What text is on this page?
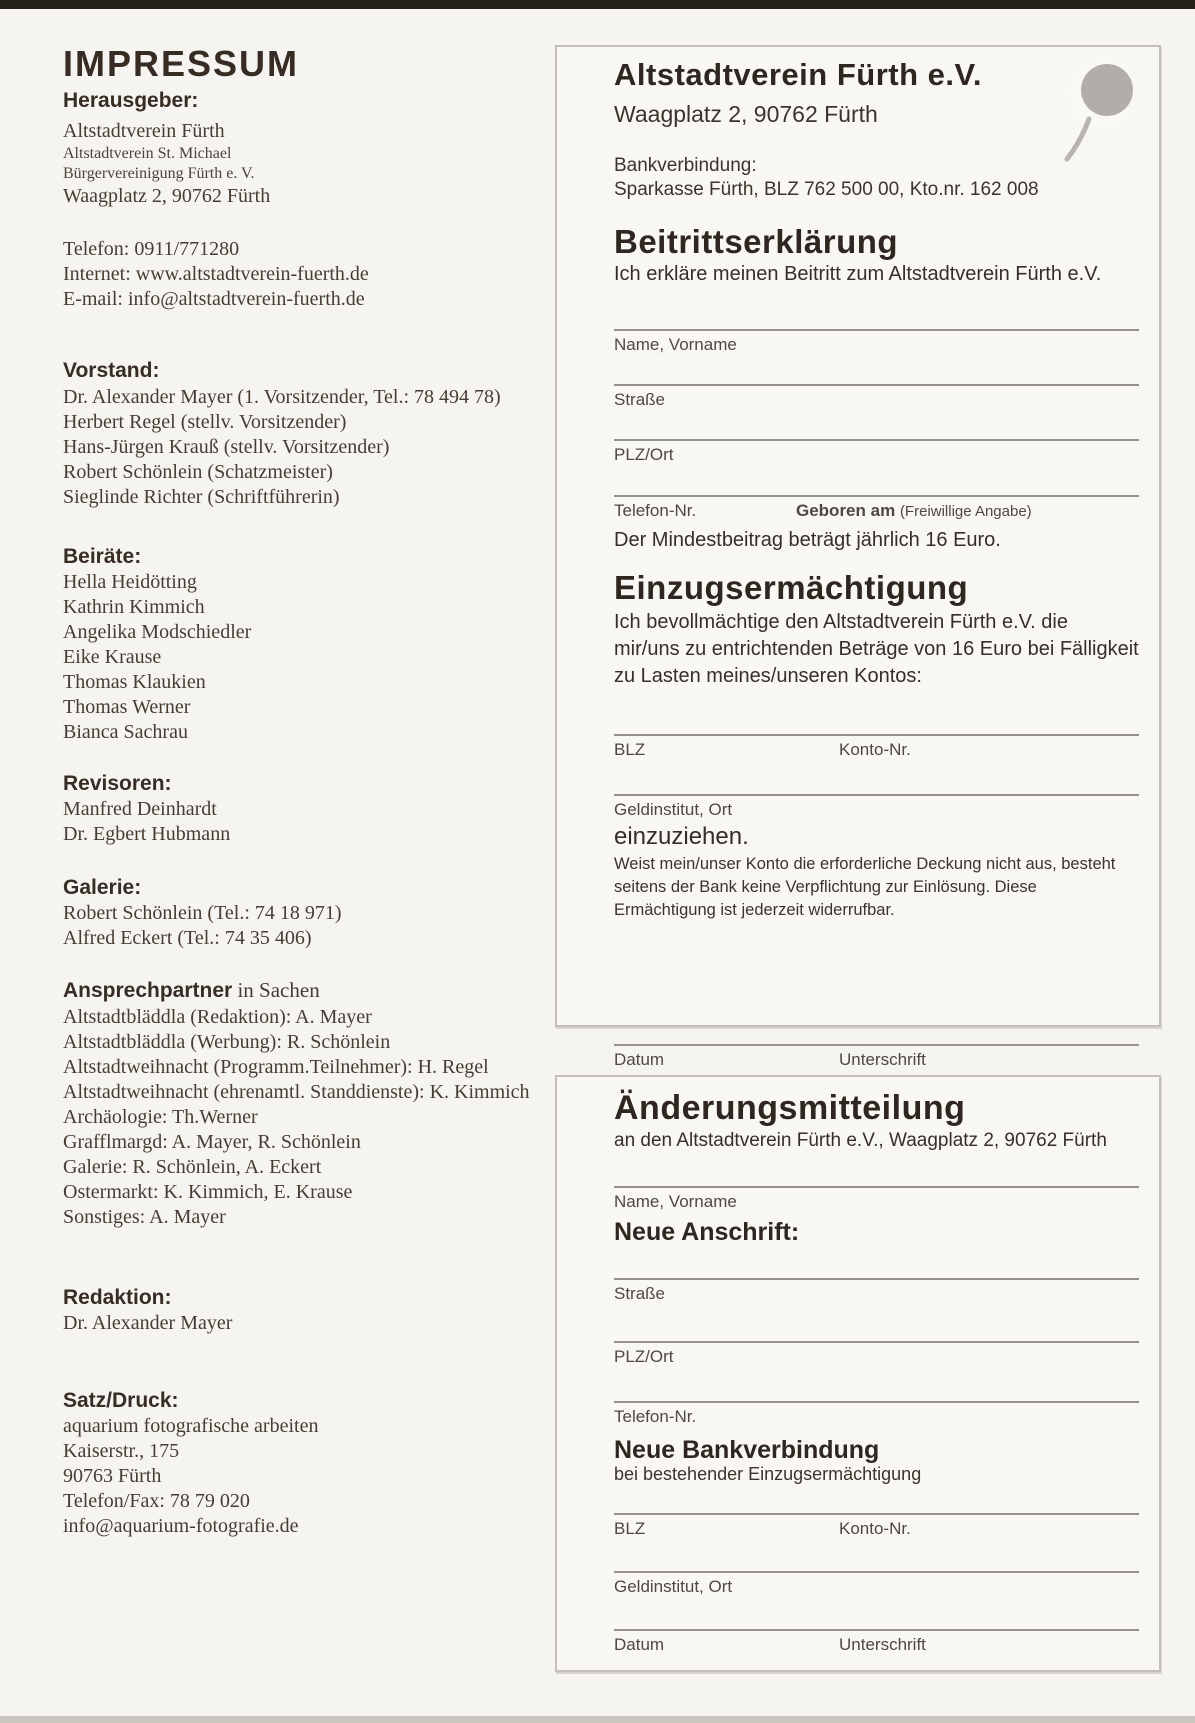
IMPRESSUM
Herausgeber:
Altstadtverein Fürth
Altstadtverein St. Michael
Bürgervereinigung Fürth e. V.
Waagplatz 2, 90762 Fürth
Telefon: 0911/771280
Internet: www.altstadtverein-fuerth.de
E-mail: info@altstadtverein-fuerth.de
Vorstand:
Dr. Alexander Mayer (1. Vorsitzender, Tel.: 78 494 78)
Herbert Regel (stellv. Vorsitzender)
Hans-Jürgen Krauß (stellv. Vorsitzender)
Robert Schönlein (Schatzmeister)
Sieglinde Richter (Schriftführerin)
Beiräte:
Hella Heidötting
Kathrin Kimmich
Angelika Modschiedler
Eike Krause
Thomas Klaukien
Thomas Werner
Bianca Sachrau
Revisoren:
Manfred Deinhardt
Dr. Egbert Hubmann
Galerie:
Robert Schönlein (Tel.: 74 18 971)
Alfred Eckert (Tel.: 74 35 406)
Ansprechpartner in Sachen
Altstadtbläddla (Redaktion): A. Mayer
Altstadtbläddla (Werbung): R. Schönlein
Altstadtweihnacht (Programm.Teilnehmer): H. Regel
Altstadtweihnacht (ehrenamtl. Standdienste): K. Kimmich
Archäologie: Th.Werner
Grafflmargd: A. Mayer, R. Schönlein
Galerie: R. Schönlein, A. Eckert
Ostermarkt: K. Kimmich, E. Krause
Sonstiges: A. Mayer
Redaktion:
Dr. Alexander Mayer
Satz/Druck:
aquarium fotografische arbeiten
Kaiserstr., 175
90763 Fürth
Telefon/Fax: 78 79 020
info@aquarium-fotografie.de
Altstadtverein Fürth e.V.
Waagplatz 2, 90762 Fürth
Bankverbindung:
Sparkasse Fürth, BLZ 762 500 00, Kto.nr. 162 008
Beitrittserklärung
Ich erkläre meinen Beitritt zum Altstadtverein Fürth e.V.
Name, Vorname
Straße
PLZ/Ort
Telefon-Nr.	Geboren am (Freiwillige Angabe)
Der Mindestbeitrag beträgt jährlich 16 Euro.
Einzugsermächtigung
Ich bevollmächtige den Altstadtverein Fürth e.V. die mir/uns zu entrichtenden Beträge von 16 Euro bei Fälligkeit zu Lasten meines/unseren Kontos:
BLZ	Konto-Nr.
Geldinstitut, Ort
einzuziehen.
Weist mein/unser Konto die erforderliche Deckung nicht aus, besteht seitens der Bank keine Verpflichtung zur Einlösung. Diese Ermächtigung ist jederzeit widerrufbar.
Datum	Unterschrift
Änderungsmitteilung
an den Altstadtverein Fürth e.V., Waagplatz 2, 90762 Fürth
Name, Vorname
Neue Anschrift:
Straße
PLZ/Ort
Telefon-Nr.
Neue Bankverbindung
bei bestehender Einzugsermächtigung
BLZ	Konto-Nr.
Geldinstitut, Ort
Datum	Unterschrift
